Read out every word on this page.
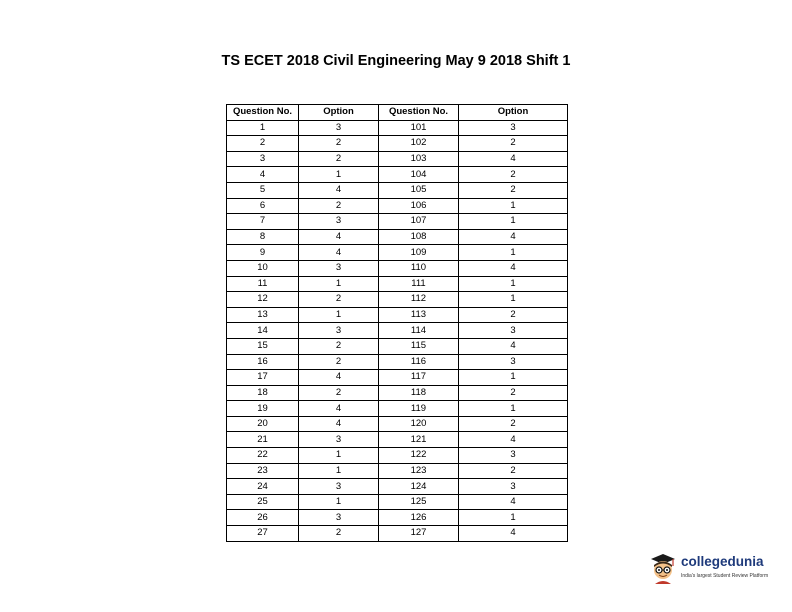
TS ECET 2018 Civil Engineering May 9 2018 Shift 1
Question No.	Option	Question No.	Option
1	3	101	3
2	2	102	2
3	2	103	4
4	1	104	2
5	4	105	2
6	2	106	1
7	3	107	1
8	4	108	4
9	4	109	1
10	3	110	4
11	1	111	1
12	2	112	1
13	1	113	2
14	3	114	3
15	2	115	4
16	2	116	3
17	4	117	1
18	2	118	2
19	4	119	1
20	4	120	2
21	3	121	4
22	1	122	3
23	1	123	2
24	3	124	3
25	1	125	4
26	3	126	1
27	2	127	4
collegedunia
India's largest Student Review Platform
